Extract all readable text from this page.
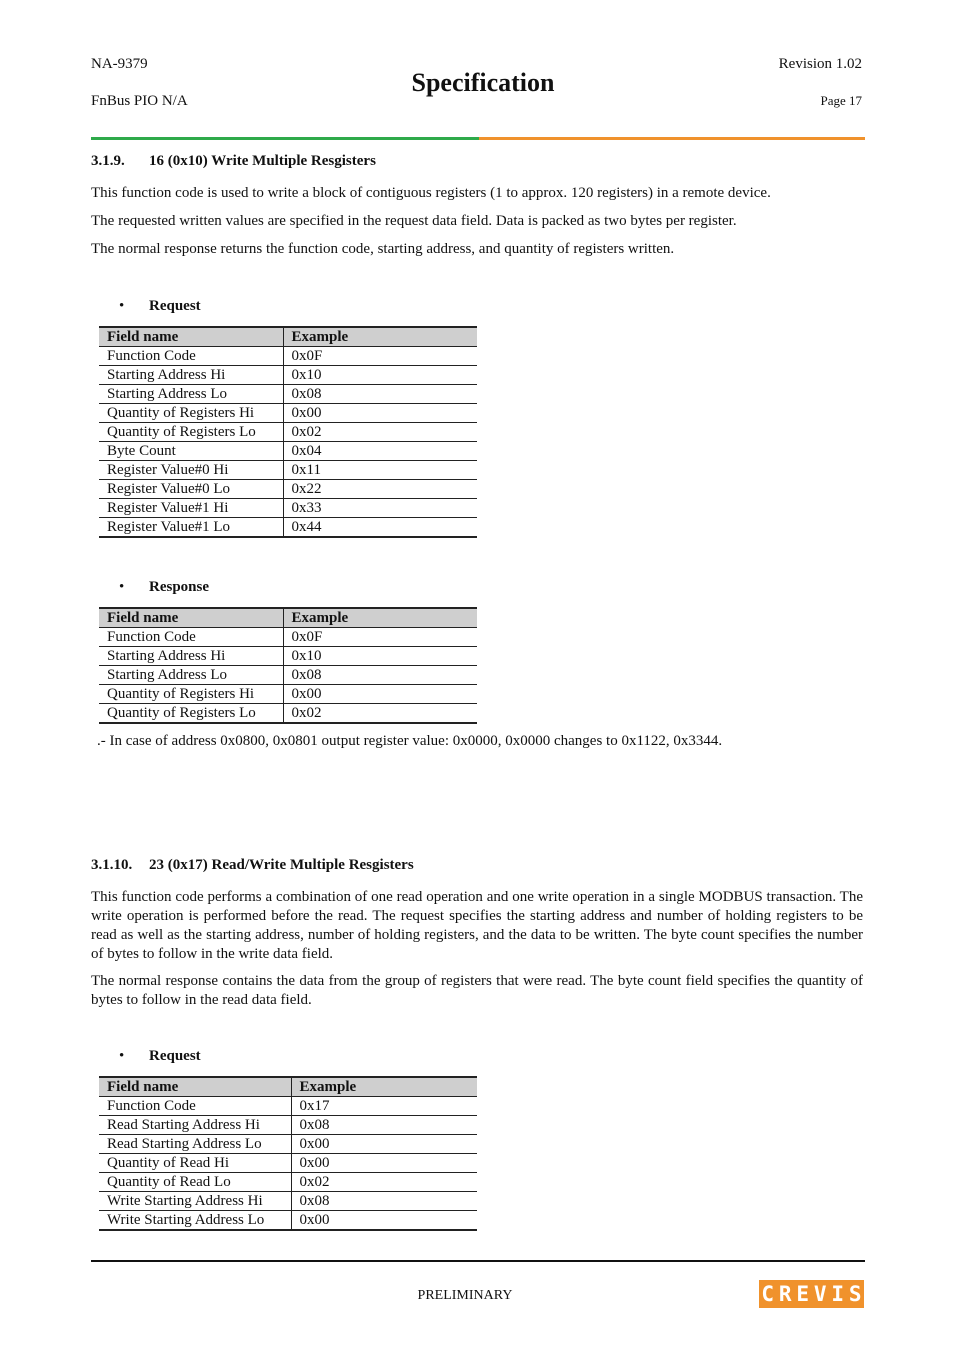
NA-9379	Revision 1.02
Specification
FnBus PIO N/A	Page 17
3.1.9. 16 (0x10) Write Multiple Resgisters

This function code is used to write a block of contiguous registers (1 to approx. 120 registers) in a remote device.

The requested written values are specified in the request data field. Data is packed as two bytes per register.

The normal response returns the function code, starting address, and quantity of registers written.

• Request
Field name	Example
Function Code	0x0F
Starting Address Hi	0x10
Starting Address Lo	0x08
Quantity of Registers Hi	0x00
Quantity of Registers Lo	0x02
Byte Count	0x04
Register Value#0 Hi	0x11
Register Value#0 Lo	0x22
Register Value#1 Hi	0x33
Register Value#1 Lo	0x44
• Response
Field name	Example
Function Code	0x0F
Starting Address Hi	0x10
Starting Address Lo	0x08
Quantity of Registers Hi	0x00
Quantity of Registers Lo	0x02
.- In case of address 0x0800, 0x0801 output register value: 0x0000, 0x0000 changes to 0x1122, 0x3344.
3.1.10. 23 (0x17) Read/Write Multiple Resgisters

This function code performs a combination of one read operation and one write operation in a single MODBUS transaction. The write operation is performed before the read. The request specifies the starting address and number of holding registers to be read as well as the starting address, number of holding registers, and the data to be written. The byte count specifies the number of bytes to follow in the write data field.

The normal response contains the data from the group of registers that were read. The byte count field specifies the quantity of bytes to follow in the read data field.

• Request
Field name	Example
Function Code	0x17
Read Starting Address Hi	0x08
Read Starting Address Lo	0x00
Quantity of Read Hi	0x00
Quantity of Read Lo	0x02
Write Starting Address Hi	0x08
Write Starting Address Lo	0x00
PRELIMINARY	C R E V I S
